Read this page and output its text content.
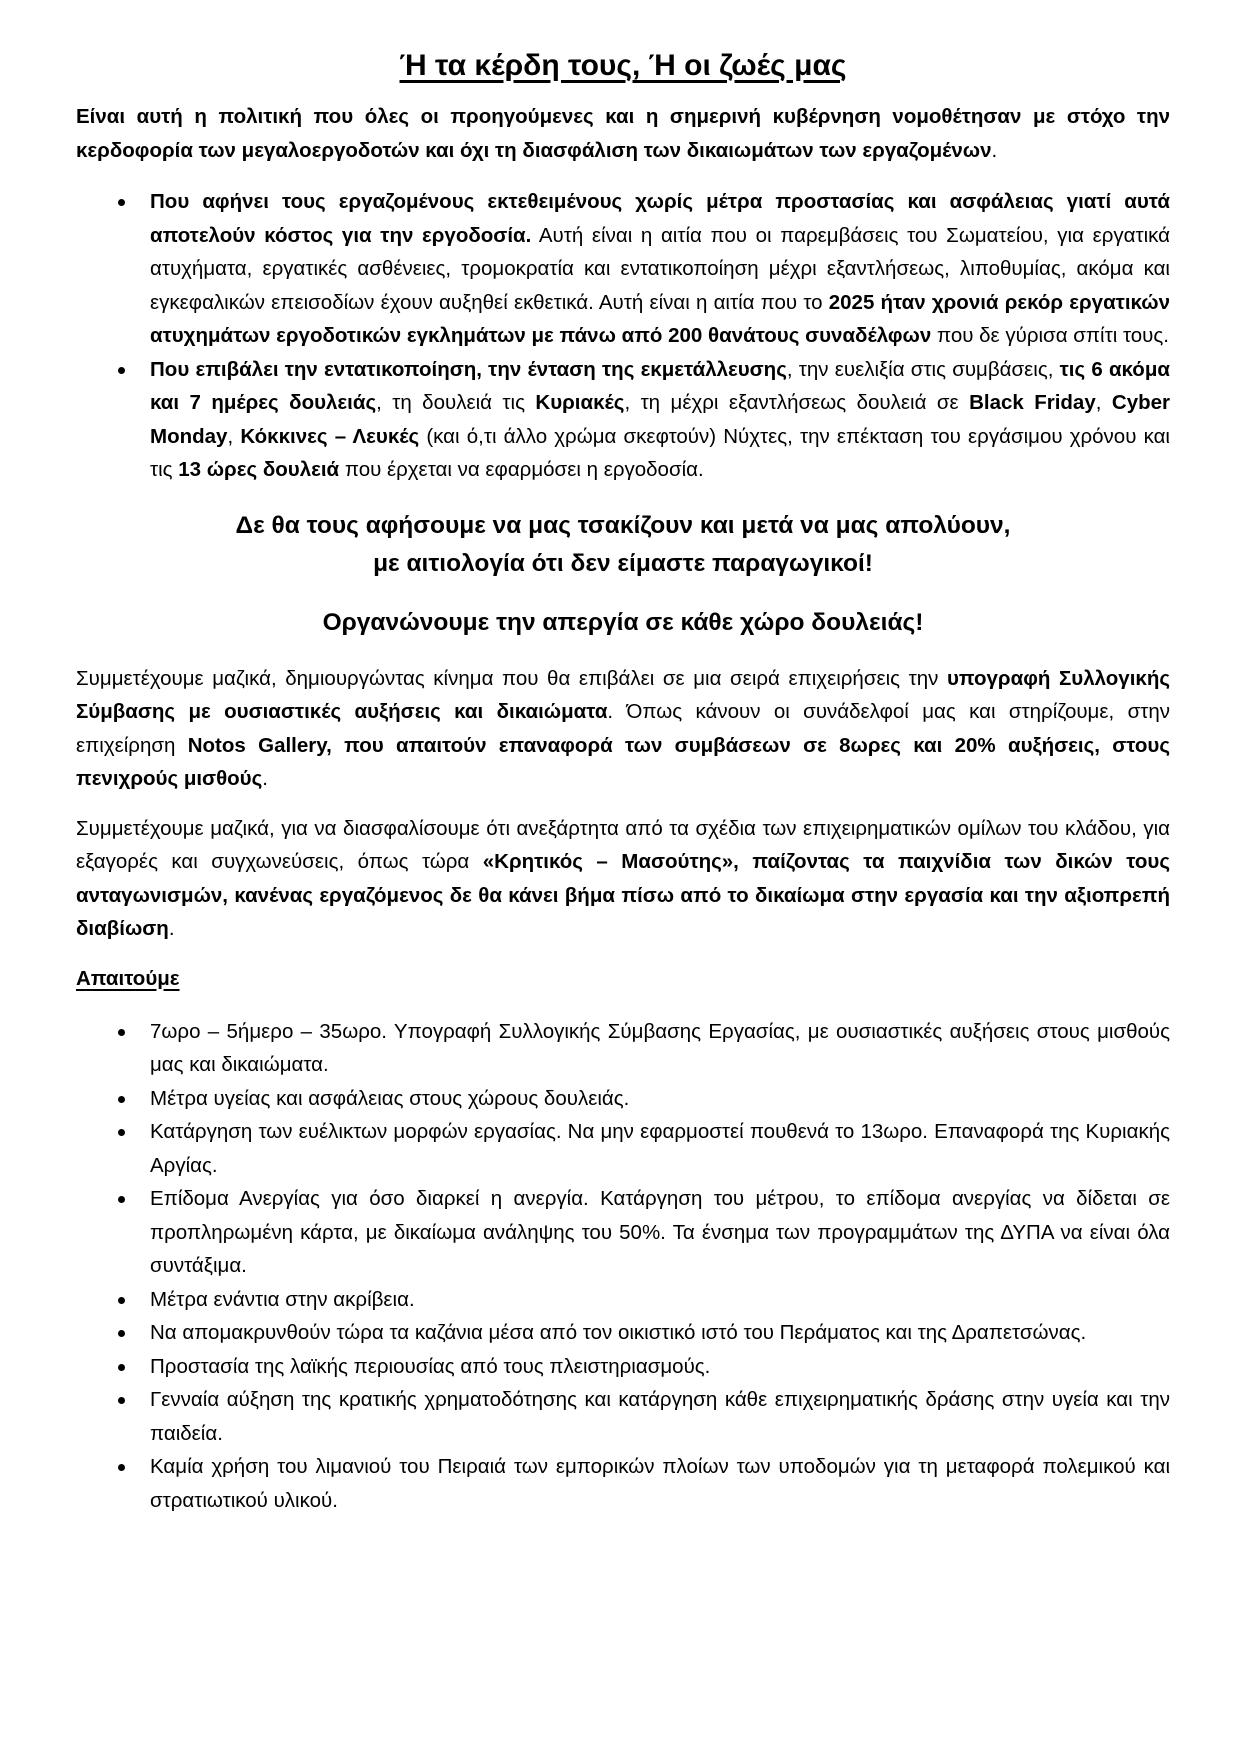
Ή τα κέρδη τους, Ή οι ζωές μας

Είναι αυτή η πολιτική που όλες οι προηγούμενες και η σημερινή κυβέρνηση νομοθέτησαν με στόχο την κερδοφορία των μεγαλοεργοδοτών και όχι τη διασφάλιση των δικαιωμάτων των εργαζομένων.

Που αφήνει τους εργαζομένους εκτεθειμένους χωρίς μέτρα προστασίας και ασφάλειας γιατί αυτά αποτελούν κόστος για την εργοδοσία. Αυτή είναι η αιτία που οι παρεμβάσεις του Σωματείου, για εργατικά ατυχήματα, εργατικές ασθένειες, τρομοκρατία και εντατικοποίηση μέχρι εξαντλήσεως, λιποθυμίας, ακόμα και εγκεφαλικών επεισοδίων έχουν αυξηθεί εκθετικά. Αυτή είναι η αιτία που το 2025 ήταν χρονιά ρεκόρ εργατικών ατυχημάτων εργοδοτικών εγκλημάτων με πάνω από 200 θανάτους συναδέλφων που δε γύρισα σπίτι τους.
Που επιβάλει την εντατικοποίηση, την ένταση της εκμετάλλευσης, την ευελιξία στις συμβάσεις, τις 6 ακόμα και 7 ημέρες δουλειάς, τη δουλειά τις Κυριακές, τη μέχρι εξαντλήσεως δουλειά σε Black Friday, Cyber Monday, Κόκκινες – Λευκές (και ό,τι άλλο χρώμα σκεφτούν) Νύχτες, την επέκταση του εργάσιμου χρόνου και τις 13 ώρες δουλειά που έρχεται να εφαρμόσει η εργοδοσία.
Δε θα τους αφήσουμε να μας τσακίζουν και μετά να μας απολύουν,
με αιτιολογία ότι δεν είμαστε παραγωγικοί!
Οργανώνουμε την απεργία σε κάθε χώρο δουλειάς!

Συμμετέχουμε μαζικά, δημιουργώντας κίνημα που θα επιβάλει σε μια σειρά επιχειρήσεις την υπογραφή Συλλογικής Σύμβασης με ουσιαστικές αυξήσεις και δικαιώματα. Όπως κάνουν οι συνάδελφοί μας και στηρίζουμε, στην επιχείρηση Notos Gallery, που απαιτούν επαναφορά των συμβάσεων σε 8ωρες και 20% αυξήσεις, στους πενιχρούς μισθούς.

Συμμετέχουμε μαζικά, για να διασφαλίσουμε ότι ανεξάρτητα από τα σχέδια των επιχειρηματικών ομίλων του κλάδου, για εξαγορές και συγχωνεύσεις, όπως τώρα «Κρητικός – Μασούτης», παίζοντας τα παιχνίδια των δικών τους ανταγωνισμών, κανένας εργαζόμενος δε θα κάνει βήμα πίσω από το δικαίωμα στην εργασία και την αξιοπρεπή διαβίωση.

Απαιτούμε
7ωρο – 5ήμερο – 35ωρο. Υπογραφή Συλλογικής Σύμβασης Εργασίας, με ουσιαστικές αυξήσεις στους μισθούς μας και δικαιώματα.
Μέτρα υγείας και ασφάλειας στους χώρους δουλειάς.
Κατάργηση των ευέλικτων μορφών εργασίας. Να μην εφαρμοστεί πουθενά το 13ωρο. Επαναφορά της Κυριακής Αργίας.
Επίδομα Ανεργίας για όσο διαρκεί η ανεργία. Κατάργηση του μέτρου, το επίδομα ανεργίας να δίδεται σε προπληρωμένη κάρτα, με δικαίωμα ανάληψης του 50%. Τα ένσημα των προγραμμάτων της ΔΥΠΑ να είναι όλα συντάξιμα.
Μέτρα ενάντια στην ακρίβεια.
Να απομακρυνθούν τώρα τα καζάνια μέσα από τον οικιστικό ιστό του Περάματος και της Δραπετσώνας.
Προστασία της λαϊκής περιουσίας από τους πλειστηριασμούς.
Γενναία αύξηση της κρατικής χρηματοδότησης και κατάργηση κάθε επιχειρηματικής δράσης στην υγεία και την παιδεία.
Καμία χρήση του λιμανιού του Πειραιά των εμπορικών πλοίων των υποδομών για τη μεταφορά πολεμικού και στρατιωτικού υλικού.
